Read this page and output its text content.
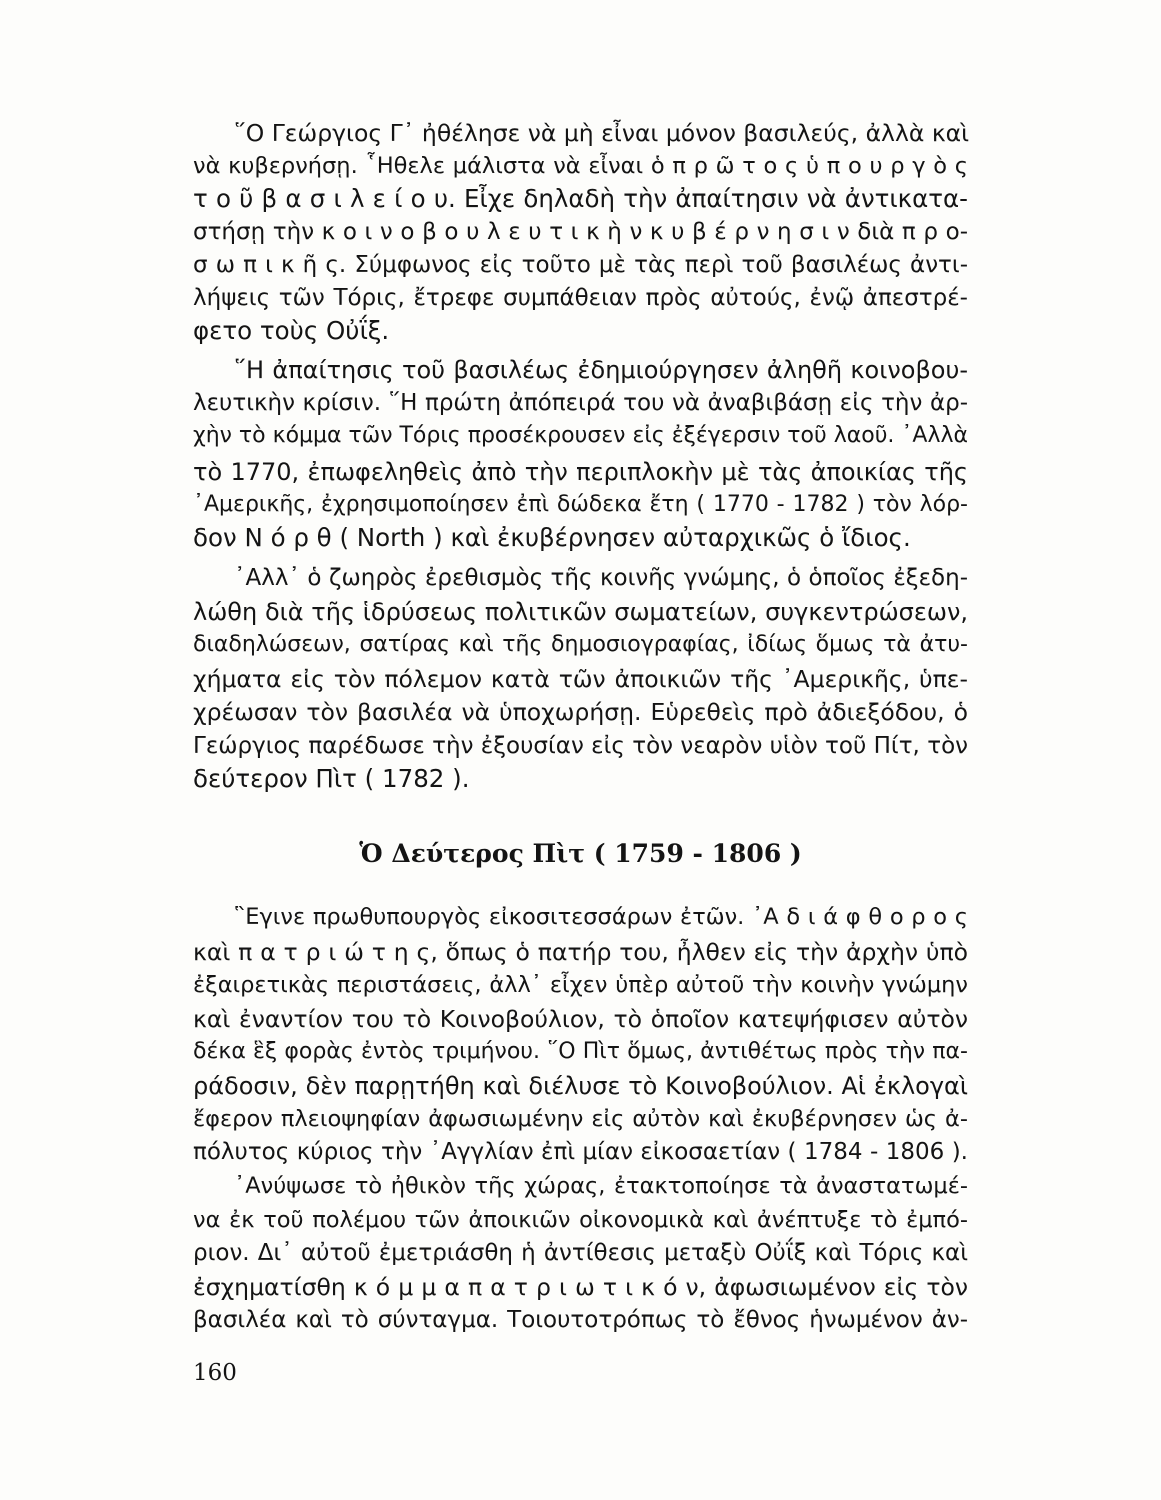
῞Ο Γεώργιος Γ᾽ ἠθέλησε νὰ μὴ εἶναι μόνον βασιλεύς, ἀλλὰ καὶ
νὰ κυβερνήσῃ. ῟Ηθελε μάλιστα νὰ εἶναι ὁ π ρ ῶ τ ο ς ὑ π ο υ ρ γ ὸ ς
τ ο ῦ β α σ ι λ ε ί ο υ. Εἶχε δηλαδὴ τὴν ἀπαίτησιν νὰ ἀντικατα-
στήσῃ τὴν κ ο ι ν ο β ο υ λ ε υ τ ι κ ὴ ν κ υ β έ ρ ν η σ ι ν διὰ π ρ ο-
σ ω π ι κ ῆ ς. Σύμφωνος εἰς τοῦτο μὲ τὰς περὶ τοῦ βασιλέως ἀντι-
λήψεις τῶν Τόρις, ἔτρεφε συμπάθειαν πρὸς αὐτούς, ἐνῷ ἀπεστρέ-
φετο τοὺς Οὐΐξ.
῞Η ἀπαίτησις τοῦ βασιλέως ἐδημιούργησεν ἀληθῆ κοινοβου-
λευτικὴν κρίσιν. ῞Η πρώτη ἀπόπειρά του νὰ ἀναβιβάσῃ εἰς τὴν ἀρ-
χὴν τὸ κόμμα τῶν Τόρις προσέκρουσεν εἰς ἐξέγερσιν τοῦ λαοῦ. ᾿Αλλὰ
τὸ 1770, ἐπωφεληθεὶς ἀπὸ τὴν περιπλοκὴν μὲ τὰς ἀποικίας τῆς
᾿Αμερικῆς, ἐχρησιμοποίησεν ἐπὶ δώδεκα ἔτη ( 1770 - 1782 ) τὸν λόρ-
δον Ν ό ρ θ ( North ) καὶ ἐκυβέρνησεν αὐταρχικῶς ὁ ἴδιος.
᾿Αλλ᾽ ὁ ζωηρὸς ἐρεθισμὸς τῆς κοινῆς γνώμης, ὁ ὁποῖος ἐξεδη-
λώθη διὰ τῆς ἱδρύσεως πολιτικῶν σωματείων, συγκεντρώσεων,
διαδηλώσεων, σατίρας καὶ τῆς δημοσιογραφίας, ἰδίως ὅμως τὰ ἀτυ-
χήματα εἰς τὸν πόλεμον κατὰ τῶν ἀποικιῶν τῆς ᾿Αμερικῆς, ὑπε-
χρέωσαν τὸν βασιλέα νὰ ὑποχωρήσῃ. Εὑρεθεὶς πρὸ ἀδιεξόδου, ὁ
Γεώργιος παρέδωσε τὴν ἐξουσίαν εἰς τὸν νεαρὸν υἱὸν τοῦ Πίτ, τὸν
δεύτερον Πὶτ ( 1782 ).
Ὁ Δεύτερος Πὶτ ( 1759 - 1806 )
῝Εγινε πρωθυπουργὸς εἰκοσιτεσσάρων ἐτῶν. ᾿Α δ ι ά φ θ ο ρ ο ς
καὶ π α τ ρ ι ώ τ η ς, ὅπως ὁ πατήρ του, ἦλθεν εἰς τὴν ἀρχὴν ὑπὸ
ἐξαιρετικὰς περιστάσεις, ἀλλ᾽ εἶχεν ὑπὲρ αὐτοῦ τὴν κοινὴν γνώμην
καὶ ἐναντίον του τὸ Κοινοβούλιον, τὸ ὁποῖον κατεψήφισεν αὐτὸν
δέκα ἓξ φορὰς ἐντὸς τριμήνου. ῞Ο Πὶτ ὅμως, ἀντιθέτως πρὸς τὴν πα-
ράδοσιν, δὲν παρῃτήθη καὶ διέλυσε τὸ Κοινοβούλιον. Αἱ ἐκλογαὶ
ἔφερον πλειοψηφίαν ἀφωσιωμένην εἰς αὐτὸν καὶ ἐκυβέρνησεν ὡς ἀ-
πόλυτος κύριος τὴν ᾿Αγγλίαν ἐπὶ μίαν εἰκοσαετίαν ( 1784 - 1806 ).
᾿Ανύψωσε τὸ ἠθικὸν τῆς χώρας, ἐτακτοποίησε τὰ ἀναστατωμέ-
να ἐκ τοῦ πολέμου τῶν ἀποικιῶν οἰκονομικὰ καὶ ἀνέπτυξε τὸ ἐμπό-
ριον. Δι᾽ αὐτοῦ ἐμετριάσθη ἡ ἀντίθεσις μεταξὺ Οὐΐξ καὶ Τόρις καὶ
ἐσχηματίσθη κ ό μ μ α π α τ ρ ι ω τ ι κ ό ν, ἀφωσιωμένον εἰς τὸν
βασιλέα καὶ τὸ σύνταγμα. Τοιουτοτρόπως τὸ ἔθνος ἡνωμένον ἀν-
160
